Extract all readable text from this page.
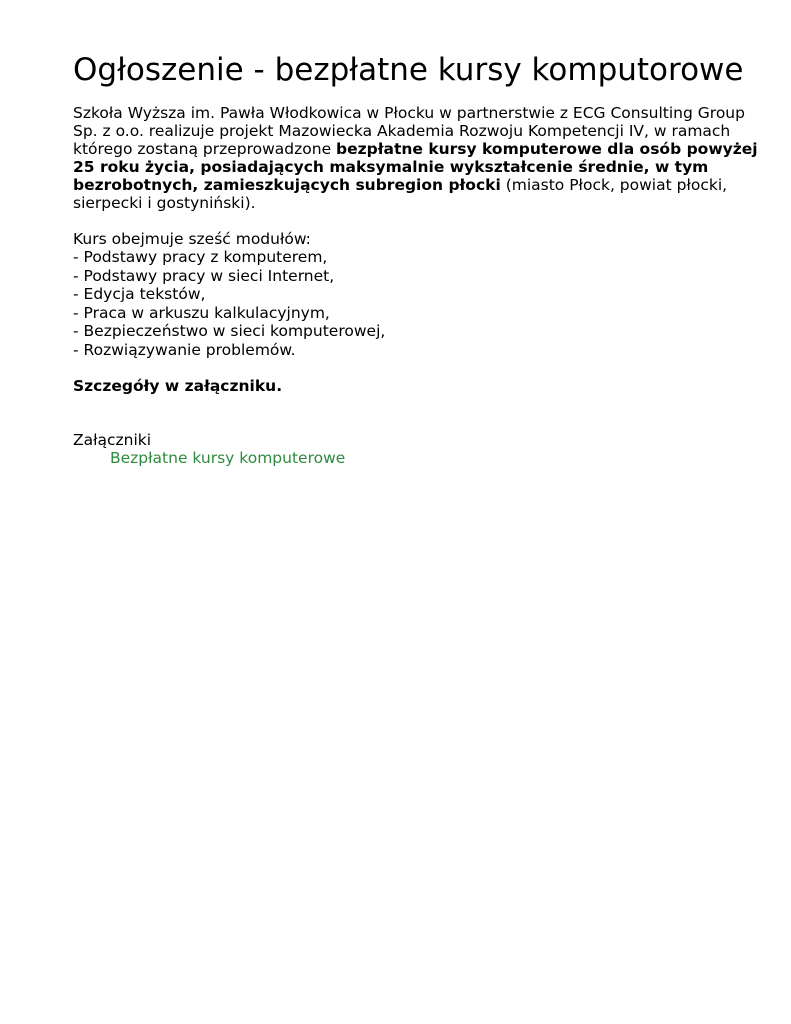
Ogłoszenie - bezpłatne kursy komputorowe

Szkoła Wyższa im. Pawła Włodkowica w Płocku w partnerstwie z ECG Consulting Group Sp. z o.o. realizuje projekt Mazowiecka Akademia Rozwoju Kompetencji IV, w ramach którego zostaną przeprowadzone bezpłatne kursy komputerowe dla osób powyżej 25 roku życia, posiadających maksymalnie wykształcenie średnie, w tym bezrobotnych, zamieszkujących subregion płocki (miasto Płock, powiat płocki, sierpecki i gostyniński).

Kurs obejmuje sześć modułów:

- Podstawy pracy z komputerem,
- Podstawy pracy w sieci Internet,
- Edycja tekstów,
- Praca w arkuszu kalkulacyjnym,
- Bezpieczeństwo w sieci komputerowej,
- Rozwiązywanie problemów.

Szczegóły w załączniku.

Załączniki

Bezpłatne kursy komputerowe
